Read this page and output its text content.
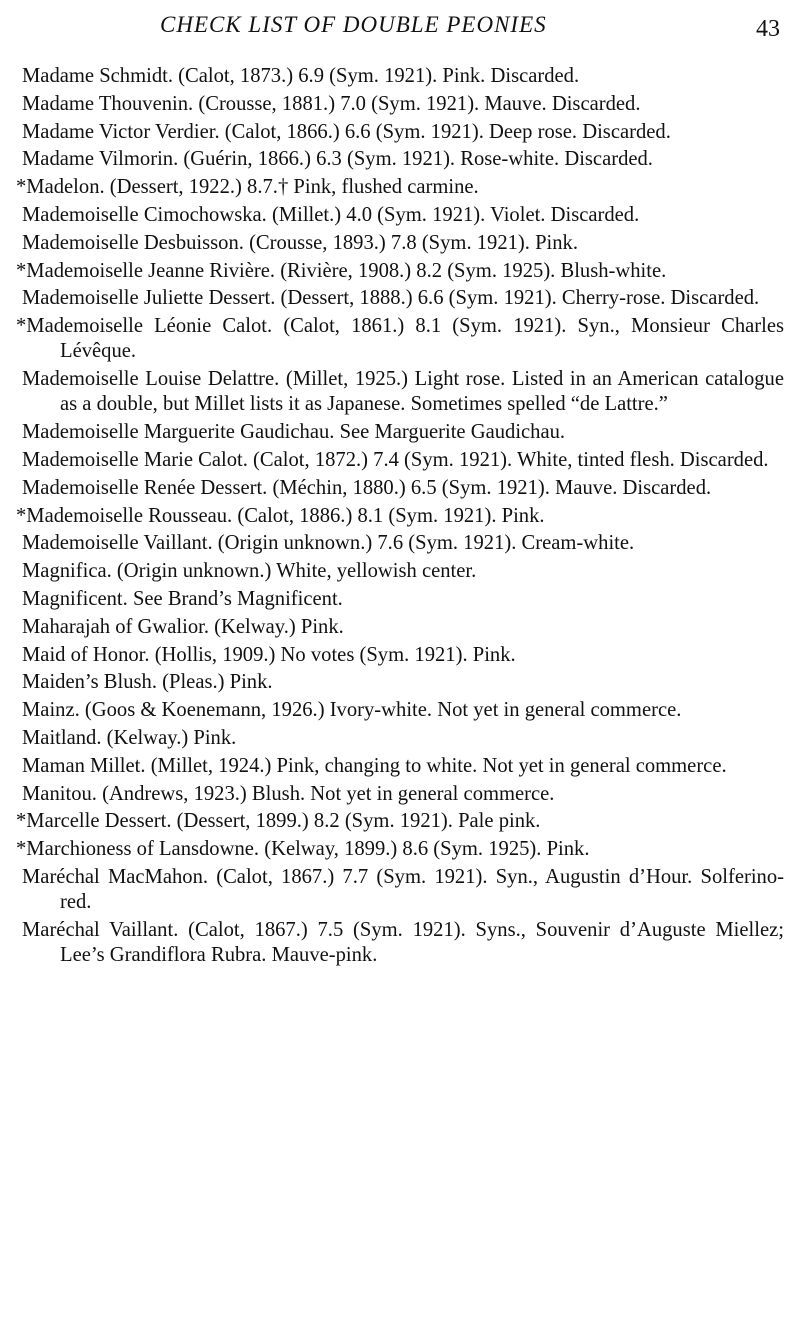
CHECK LIST OF DOUBLE PEONIES	43

Madame Schmidt. (Calot, 1873.) 6.9 (Sym. 1921). Pink. Discarded.

Madame Thouvenin. (Crousse, 1881.) 7.0 (Sym. 1921). Mauve. Discarded.

Madame Victor Verdier. (Calot, 1866.) 6.6 (Sym. 1921). Deep rose. Discarded.

Madame Vilmorin. (Guérin, 1866.) 6.3 (Sym. 1921). Rose-white. Discarded.

*Madelon. (Dessert, 1922.) 8.7.† Pink, flushed carmine.

Mademoiselle Cimochowska. (Millet.) 4.0 (Sym. 1921). Violet. Discarded.

Mademoiselle Desbuisson. (Crousse, 1893.) 7.8 (Sym. 1921). Pink.

*Mademoiselle Jeanne Rivière. (Rivière, 1908.) 8.2 (Sym. 1925). Blush-white.

Mademoiselle Juliette Dessert. (Dessert, 1888.) 6.6 (Sym. 1921). Cherry-rose. Discarded.

*Mademoiselle Léonie Calot. (Calot, 1861.) 8.1 (Sym. 1921). Syn., Monsieur Charles Lévêque.

Mademoiselle Louise Delattre. (Millet, 1925.) Light rose. Listed in an American catalogue as a double, but Millet lists it as Japanese. Sometimes spelled “de Lattre.”

Mademoiselle Marguerite Gaudichau. See Marguerite Gaudichau.

Mademoiselle Marie Calot. (Calot, 1872.) 7.4 (Sym. 1921). White, tinted flesh. Discarded.

Mademoiselle Renée Dessert. (Méchin, 1880.) 6.5 (Sym. 1921). Mauve. Discarded.

*Mademoiselle Rousseau. (Calot, 1886.) 8.1 (Sym. 1921). Pink.

Mademoiselle Vaillant. (Origin unknown.) 7.6 (Sym. 1921). Cream-white.

Magnifica. (Origin unknown.) White, yellowish center.

Magnificent. See Brand’s Magnificent.

Maharajah of Gwalior. (Kelway.) Pink.

Maid of Honor. (Hollis, 1909.) No votes (Sym. 1921). Pink.

Maiden’s Blush. (Pleas.) Pink.

Mainz. (Goos & Koenemann, 1926.) Ivory-white. Not yet in general commerce.

Maitland. (Kelway.) Pink.

Maman Millet. (Millet, 1924.) Pink, changing to white. Not yet in general commerce.

Manitou. (Andrews, 1923.) Blush. Not yet in general commerce.

*Marcelle Dessert. (Dessert, 1899.) 8.2 (Sym. 1921). Pale pink.

*Marchioness of Lansdowne. (Kelway, 1899.) 8.6 (Sym. 1925). Pink.

Maréchal MacMahon. (Calot, 1867.) 7.7 (Sym. 1921). Syn., Augustin d’Hour. Solferino-red.

Maréchal Vaillant. (Calot, 1867.) 7.5 (Sym. 1921). Syns., Souvenir d’Auguste Miellez; Lee’s Grandiflora Rubra. Mauve-pink.
